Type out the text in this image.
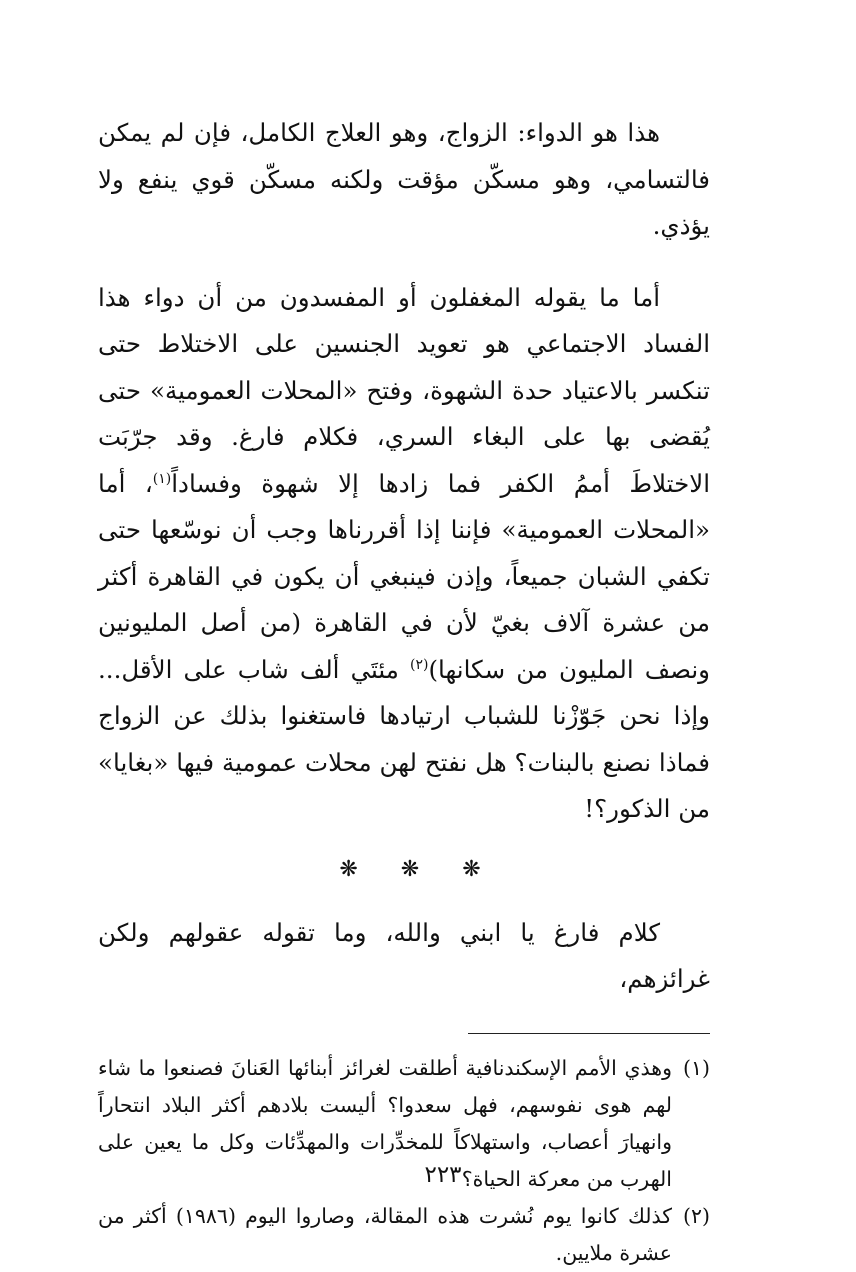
هذا هو الدواء: الزواج، وهو العلاج الكامل، فإن لم يمكن فالتسامي، وهو مسكّن مؤقت ولكنه مسكّن قوي ينفع ولا يؤذي.

أما ما يقوله المغفلون أو المفسدون من أن دواء هذا الفساد الاجتماعي هو تعويد الجنسين على الاختلاط حتى تنكسر بالاعتياد حدة الشهوة، وفتح «المحلات العمومية» حتى يُقضى بها على البغاء السري، فكلام فارغ. وقد جرّبَت الاختلاطَ أممُ الكفر فما زادها إلا شهوة وفساداً$^{(١)}$، أما «المحلات العمومية» فإننا إذا أقررناها وجب أن نوسّعها حتى تكفي الشبان جميعاً، وإذن فينبغي أن يكون في القاهرة أكثر من عشرة آلاف بغيّ لأن في القاهرة (من أصل المليونين ونصف المليون من سكانها)$^{(٢)}$ مئتَي ألف شاب على الأقل... وإذا نحن جَوّزْنا للشباب ارتيادها فاستغنوا بذلك عن الزواج فماذا نصنع بالبنات؟ هل نفتح لهن محلات عمومية فيها «بغايا» من الذكور؟!

❋ ❋ ❋

كلام فارغ يا ابني والله، وما تقوله عقولهم ولكن غرائزهم،

(١)
وهذي الأمم الإسكندنافية أطلقت لغرائز أبنائها العَنانَ فصنعوا ما شاء لهم هوى نفوسهم، فهل سعدوا؟ أليست بلادهم أكثر البلاد انتحاراً وانهيارَ أعصاب، واستهلاكاً للمخدِّرات والمهدِّئات وكل ما يعين على الهرب من معركة الحياة؟
(٢)
كذلك كانوا يوم نُشرت هذه المقالة، وصاروا اليوم (١٩٨٦) أكثر من عشرة ملايين.
٢٢٣
